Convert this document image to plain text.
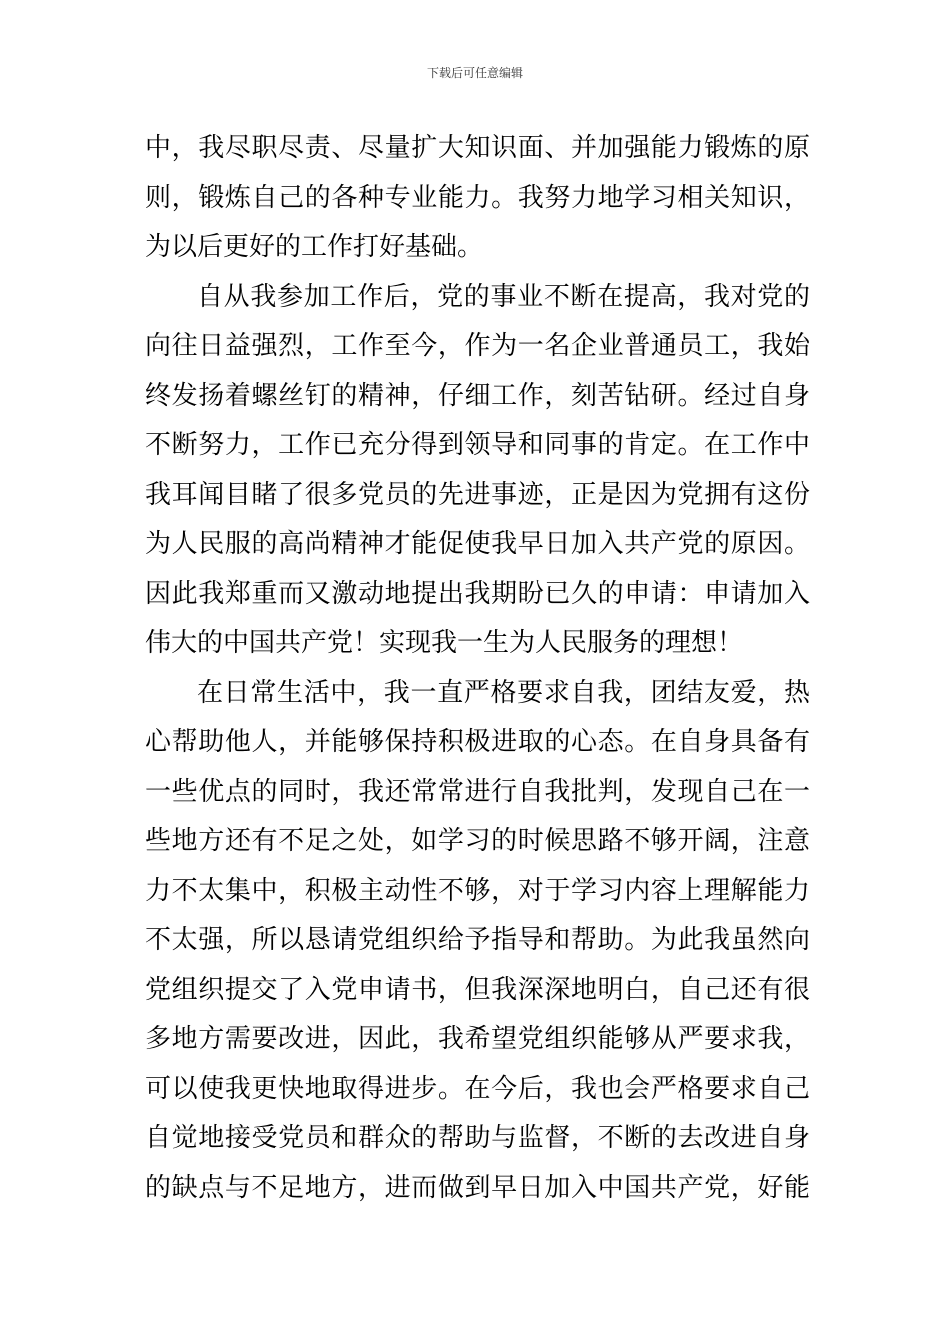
下载后可任意编辑
中，我尽职尽责、尽量扩大知识面、并加强能力锻炼的原
则，锻炼自己的各种专业能力。我努力地学习相关知识，
为以后更好的工作打好基础。
自从我参加工作后，党的事业不断在提高，我对党的
向往日益强烈，工作至今，作为一名企业普通员工，我始
终发扬着螺丝钉的精神，仔细工作，刻苦钻研。经过自身
不断努力，工作已充分得到领导和同事的肯定。在工作中
我耳闻目睹了很多党员的先进事迹，正是因为党拥有这份
为人民服的高尚精神才能促使我早日加入共产党的原因。
因此我郑重而又激动地提出我期盼已久的申请：申请加入
伟大的中国共产党！实现我一生为人民服务的理想！
在日常生活中，我一直严格要求自我，团结友爱，热
心帮助他人，并能够保持积极进取的心态。在自身具备有
一些优点的同时，我还常常进行自我批判，发现自己在一
些地方还有不足之处，如学习的时候思路不够开阔，注意
力不太集中，积极主动性不够，对于学习内容上理解能力
不太强，所以恳请党组织给予指导和帮助。为此我虽然向
党组织提交了入党申请书，但我深深地明白，自己还有很
多地方需要改进，因此，我希望党组织能够从严要求我，
可以使我更快地取得进步。在今后，我也会严格要求自己
自觉地接受党员和群众的帮助与监督，不断的去改进自身
的缺点与不足地方，进而做到早日加入中国共产党，好能
